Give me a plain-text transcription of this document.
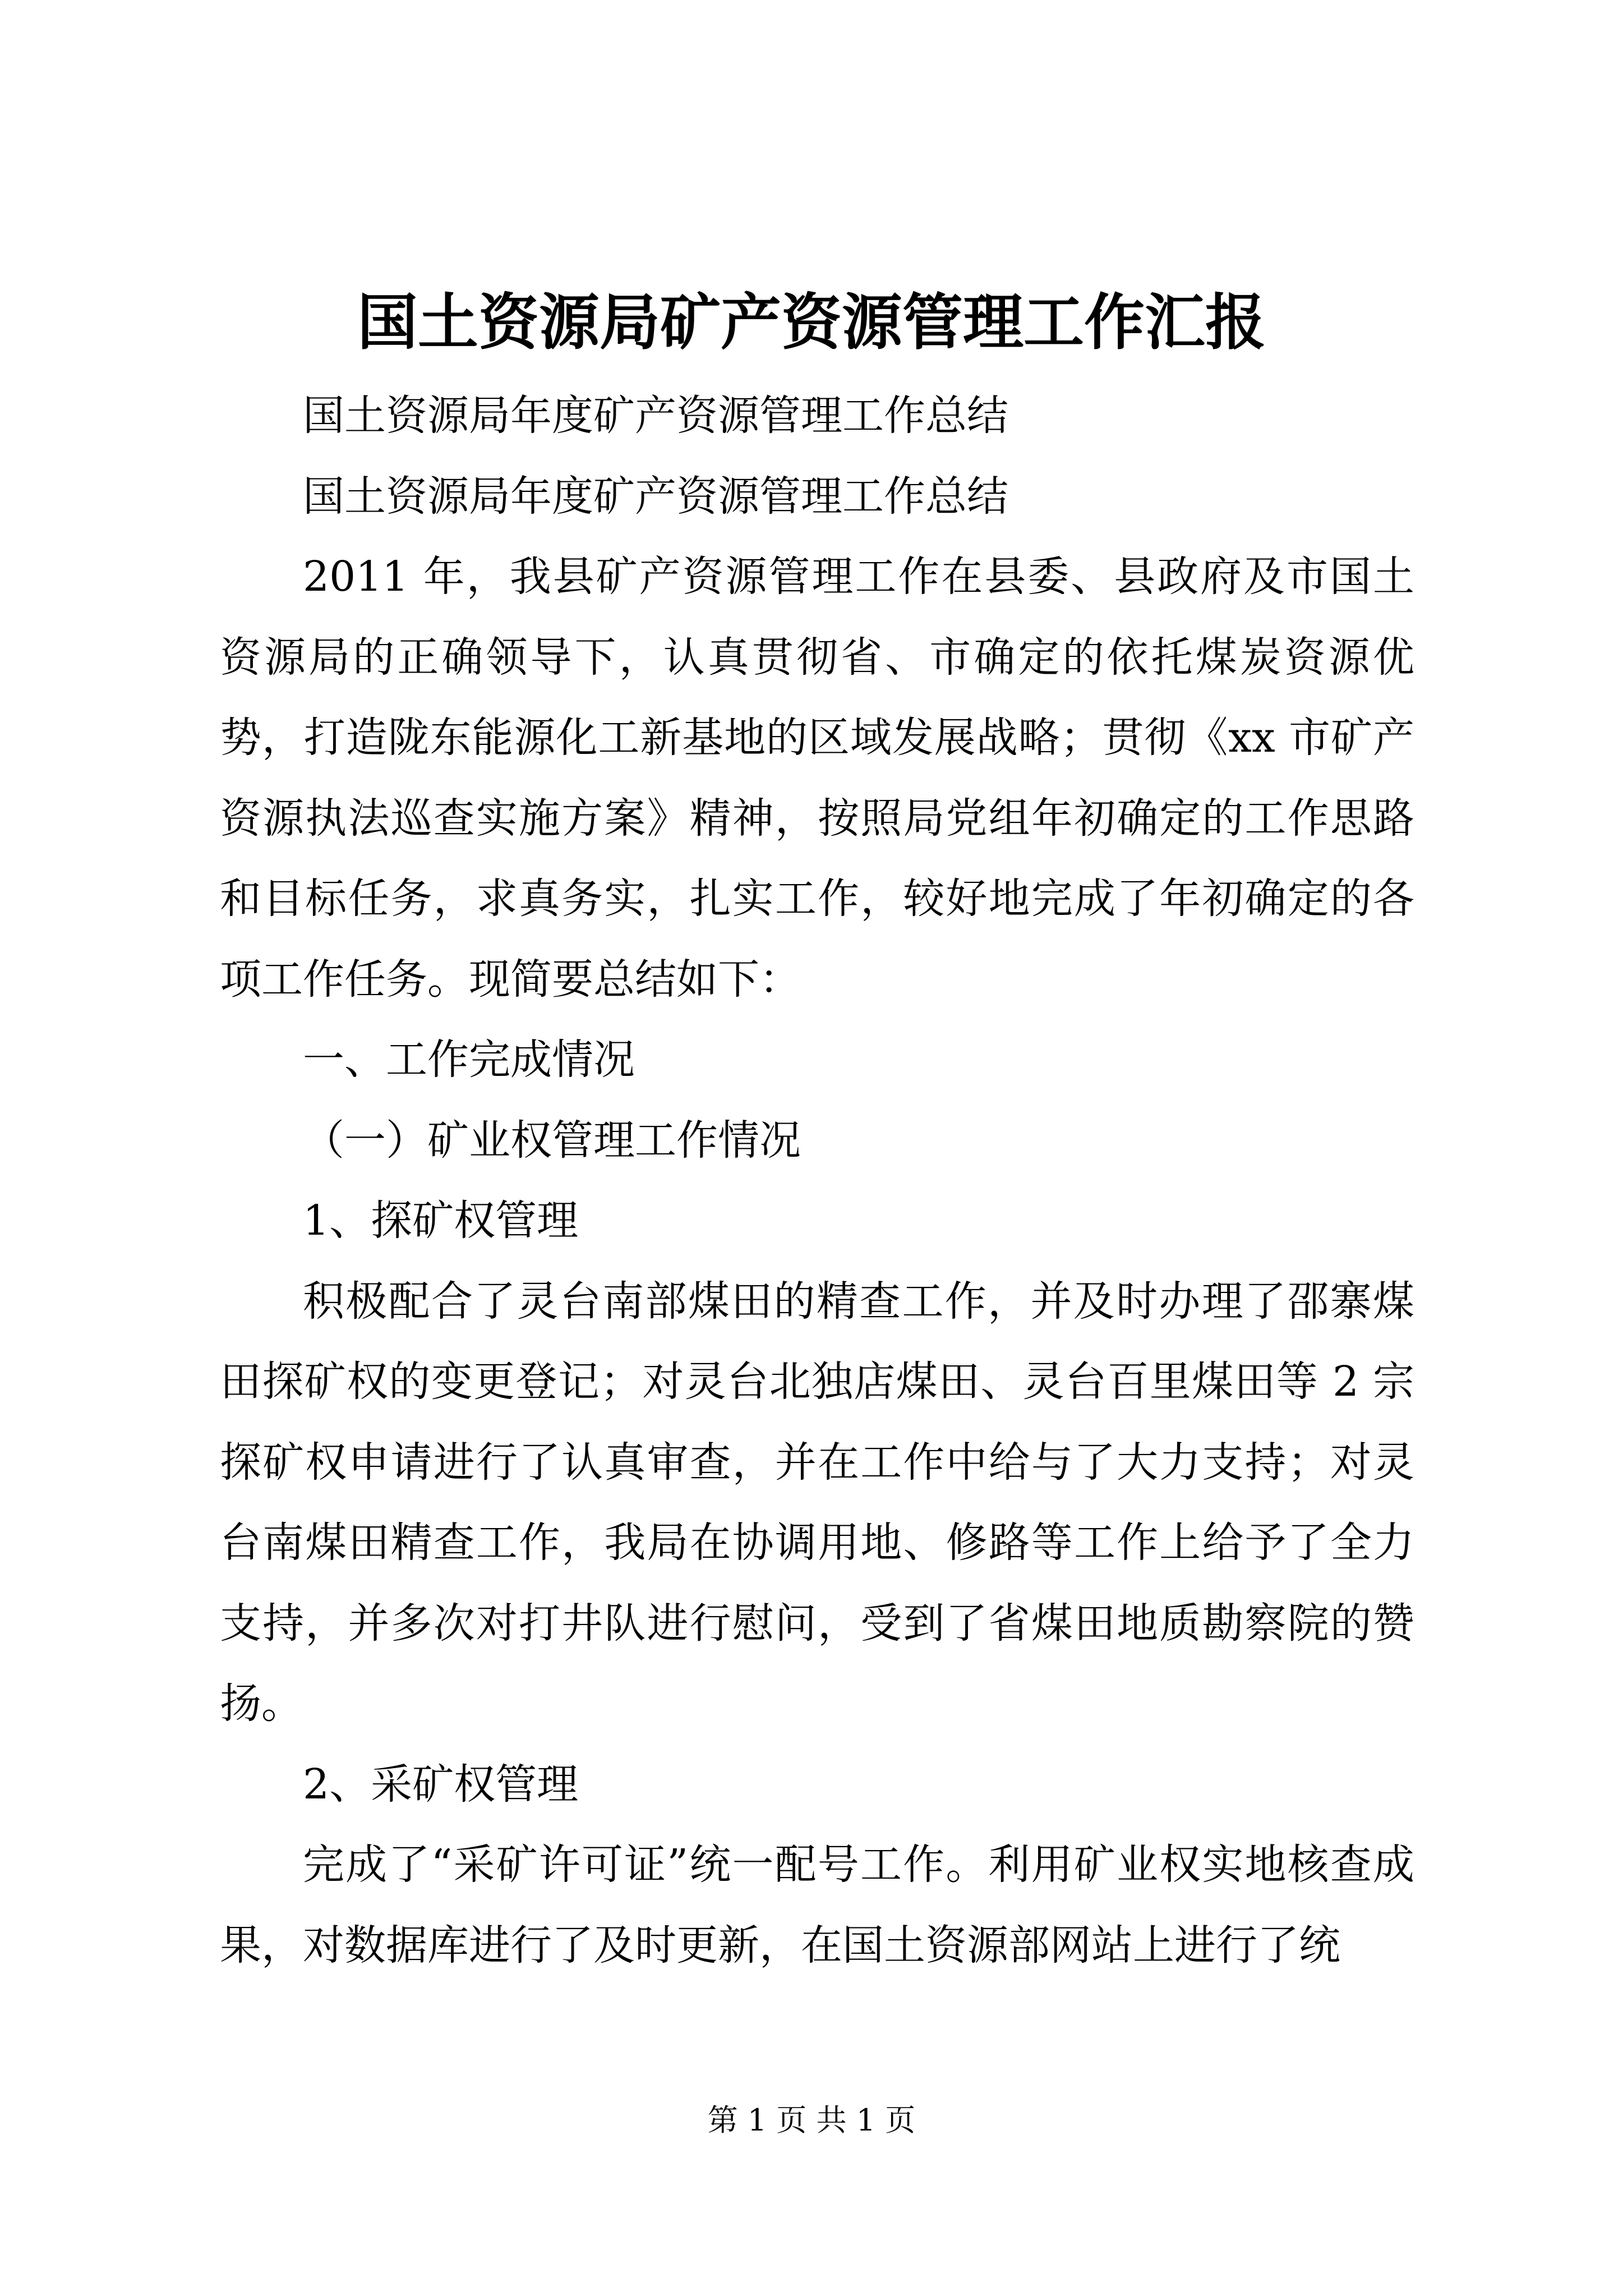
国土资源局矿产资源管理工作汇报

国土资源局年度矿产资源管理工作总结

国土资源局年度矿产资源管理工作总结

2011 年，我县矿产资源管理工作在县委、县政府及市国土资源局的正确领导下，认真贯彻省、市确定的依托煤炭资源优势，打造陇东能源化工新基地的区域发展战略；贯彻《xx 市矿产资源执法巡查实施方案》精神，按照局党组年初确定的工作思路和目标任务，求真务实，扎实工作，较好地完成了年初确定的各项工作任务。现简要总结如下：

一、工作完成情况

（一）矿业权管理工作情况

1、探矿权管理

积极配合了灵台南部煤田的精查工作，并及时办理了邵寨煤田探矿权的变更登记；对灵台北独店煤田、灵台百里煤田等 2 宗探矿权申请进行了认真审查，并在工作中给与了大力支持；对灵台南煤田精查工作，我局在协调用地、修路等工作上给予了全力支持，并多次对打井队进行慰问，受到了省煤田地质勘察院的赞扬。

2、采矿权管理

完成了“采矿许可证”统一配号工作。利用矿业权实地核查成果，对数据库进行了及时更新，在国土资源部网站上进行了统

第 1 页 共 1 页
